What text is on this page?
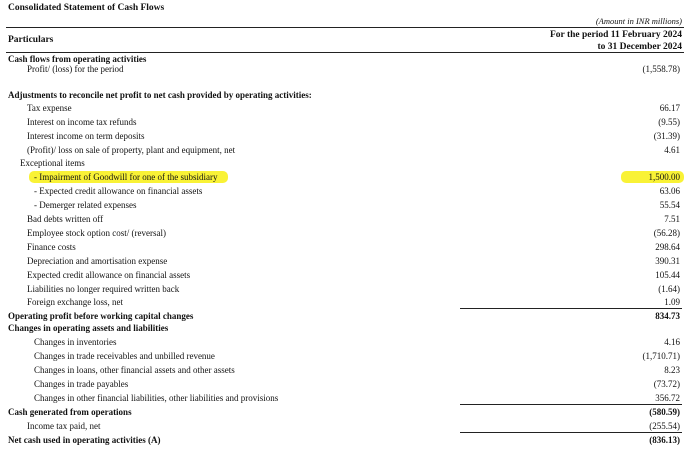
Consolidated Statement of Cash Flows
(Amount in INR millions)
Particulars	For the period 11 February 2024
to 31 December 2024
Cash flows from operating activities
Profit/ (loss) for the period	(1,558.78)
Adjustments to reconcile net profit to net cash provided by operating activities:
Tax expense	66.17
Interest on income tax refunds	(9.55)
Interest income on term deposits	(31.39)
(Profit)/ loss on sale of property, plant and equipment, net	4.61
Exceptional items
- Impairment of Goodwill for one of the subsidiary	1,500.00
- Expected credit allowance on financial assets	63.06
- Demerger related expenses	55.54
Bad debts written off	7.51
Employee stock option cost/ (reversal)	(56.28)
Finance costs	298.64
Depreciation and amortisation expense	390.31
Expected credit allowance on financial assets	105.44
Liabilities no longer required written back	(1.64)
Foreign exchange loss, net	1.09
Operating profit before working capital changes	834.73
Changes in operating assets and liabilities
Changes in inventories	4.16
Changes in trade receivables and unbilled revenue	(1,710.71)
Changes in loans, other financial assets and other assets	8.23
Changes in trade payables	(73.72)
Changes in other financial liabilities, other liabilities and provisions	356.72
Cash generated from operations	(580.59)
Income tax paid, net	(255.54)
Net cash used in operating activities (A)	(836.13)
